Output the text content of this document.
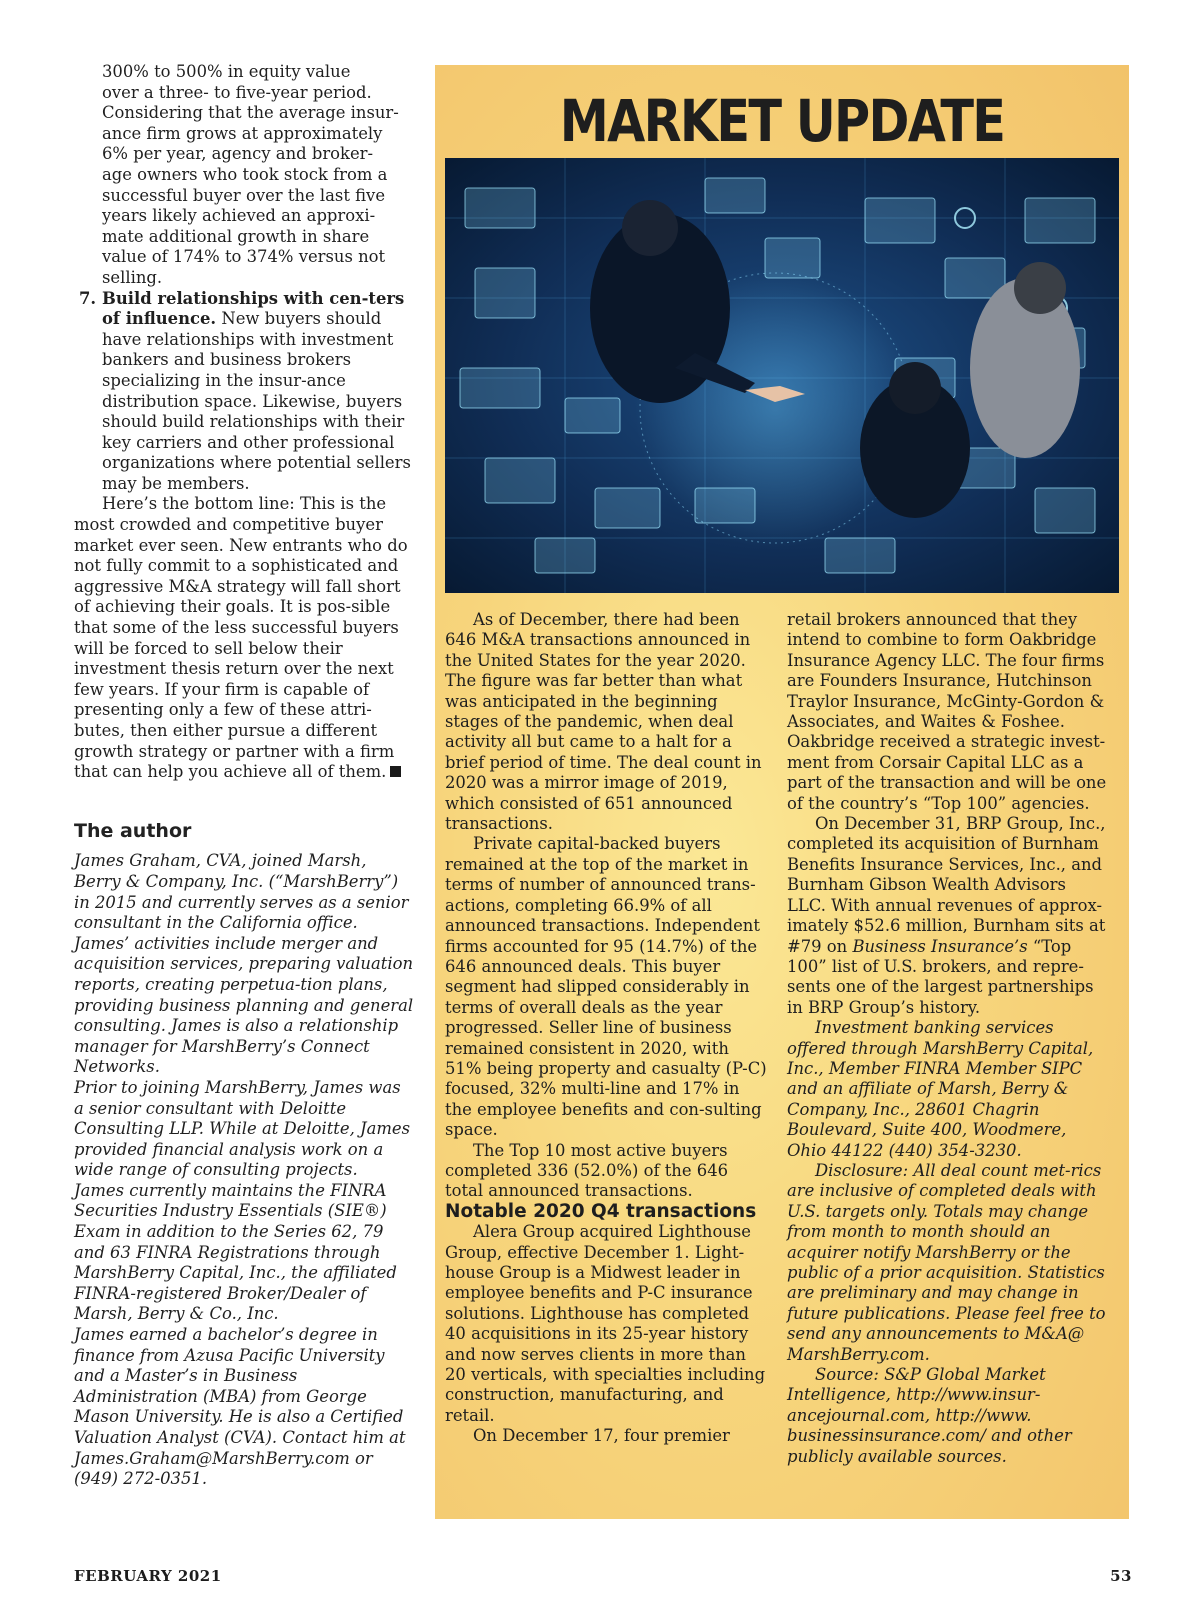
300% to 500% in equity value

over a three- to five-year period.

Considering that the average insur-

ance firm grows at approximately

6% per year, agency and broker-

age owners who took stock from a

successful buyer over the last five

years likely achieved an approxi-

mate additional growth in share

value of 174% to 374% versus not

selling.

7. Build relationships with cen-ters of influence. New buyers should have relationships with investment bankers and business brokers specializing in the insur-ance distribution space. Likewise, buyers should build relationships with their key carriers and other professional organizations where potential sellers may be members.

Here’s the bottom line: This is the most crowded and competitive buyer market ever seen. New entrants who do not fully commit to a sophisticated and aggressive M&A strategy will fall short of achieving their goals. It is pos-sible that some of the less successful buyers will be forced to sell below their investment thesis return over the next few years. If your firm is capable of presenting only a few of these attri-butes, then either pursue a different growth strategy or partner with a firm that can help you achieve all of them.

The author

James Graham, CVA, joined Marsh, Berry & Company, Inc. (“MarshBerry”) in 2015 and currently serves as a senior consultant in the California office. James’ activities include merger and acquisition services, preparing valuation reports, creating perpetua-tion plans, providing business planning and general consulting. James is also a relationship manager for MarshBerry’s Connect Networks.

Prior to joining MarshBerry, James was a senior consultant with Deloitte Consulting LLP. While at Deloitte, James provided financial analysis work on a wide range of consulting projects.

James currently maintains the FINRA Securities Industry Essentials (SIE®) Exam in addition to the Series 62, 79 and 63 FINRA Registrations through MarshBerry Capital, Inc., the affiliated FINRA-registered Broker/Dealer of Marsh, Berry & Co., Inc.

James earned a bachelor’s degree in finance from Azusa Pacific University and a Master’s in Business Administration (MBA) from George Mason University. He is also a Certified Valuation Analyst (CVA). Contact him at James.Graham@MarshBerry.com or (949) 272-0351.

MARKET UPDATE

As of December, there had been 646 M&A transactions announced in the United States for the year 2020. The figure was far better than what was anticipated in the beginning stages of the pandemic, when deal activity all but came to a halt for a brief period of time. The deal count in 2020 was a mirror image of 2019, which consisted of 651 announced transactions.

Private capital-backed buyers remained at the top of the market in terms of number of announced trans-actions, completing 66.9% of all announced transactions. Independent firms accounted for 95 (14.7%) of the 646 announced deals. This buyer segment had slipped considerably in terms of overall deals as the year progressed. Seller line of business remained consistent in 2020, with 51% being property and casualty (P-C) focused, 32% multi-line and 17% in the employee benefits and con-sulting space.

The Top 10 most active buyers completed 336 (52.0%) of the 646 total announced transactions.

Notable 2020 Q4 transactions

Alera Group acquired Lighthouse Group, effective December 1. Light-house Group is a Midwest leader in employee benefits and P-C insurance solutions. Lighthouse has completed 40 acquisitions in its 25-year history and now serves clients in more than 20 verticals, with specialties including construction, manufacturing, and retail.

On December 17, four premier

retail brokers announced that they intend to combine to form Oakbridge Insurance Agency LLC. The four firms are Founders Insurance, Hutchinson Traylor Insurance, McGinty-Gordon & Associates, and Waites & Foshee. Oakbridge received a strategic invest-ment from Corsair Capital LLC as a part of the transaction and will be one of the country’s “Top 100” agencies.

On December 31, BRP Group, Inc., completed its acquisition of Burnham Benefits Insurance Services, Inc., and Burnham Gibson Wealth Advisors LLC. With annual revenues of approx-imately $52.6 million, Burnham sits at #79 on Business Insurance’s “Top 100” list of U.S. brokers, and repre-sents one of the largest partnerships in BRP Group’s history.

Investment banking services offered through MarshBerry Capital, Inc., Member FINRA Member SIPC and an affiliate of Marsh, Berry & Company, Inc., 28601 Chagrin Boulevard, Suite 400, Woodmere, Ohio 44122 (440) 354-3230.

Disclosure: All deal count met-rics are inclusive of completed deals with U.S. targets only. Totals may change from month to month should an acquirer notify MarshBerry or the public of a prior acquisition. Statistics are preliminary and may change in future publications. Please feel free to send any announcements to M&A@ MarshBerry.com.

Source: S&P Global Market Intelligence, http://www.insur-ancejournal.com, http://www. businessinsurance.com/ and other publicly available sources.

FEBRUARY 2021	53
